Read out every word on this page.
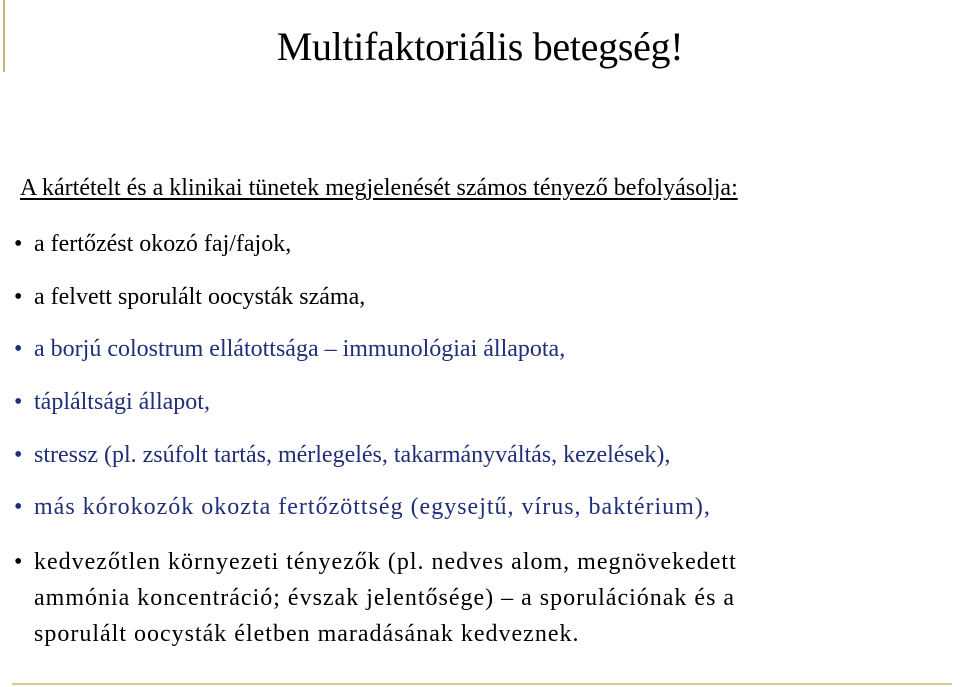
Multifaktoriális betegség!

A kártételt és a klinikai tünetek megjelenését számos tényező befolyásolja:

• a fertőzést okozó faj/fajok,
• a felvett sporulált oocysták száma,
• a borjú colostrum ellátottsága – immunológiai állapota,
• tápláltsági állapot,
• stressz (pl. zsúfolt tartás, mérlegelés, takarmányváltás, kezelések),
• más kórokozók okozta fertőzöttség (egysejtű, vírus, baktérium),
• kedvezőtlen környezeti tényezők (pl. nedves alom, megnövekedett
ammónia koncentráció; évszak jelentősége) – a sporulációnak és a
sporulált oocysták életben maradásának kedveznek.
